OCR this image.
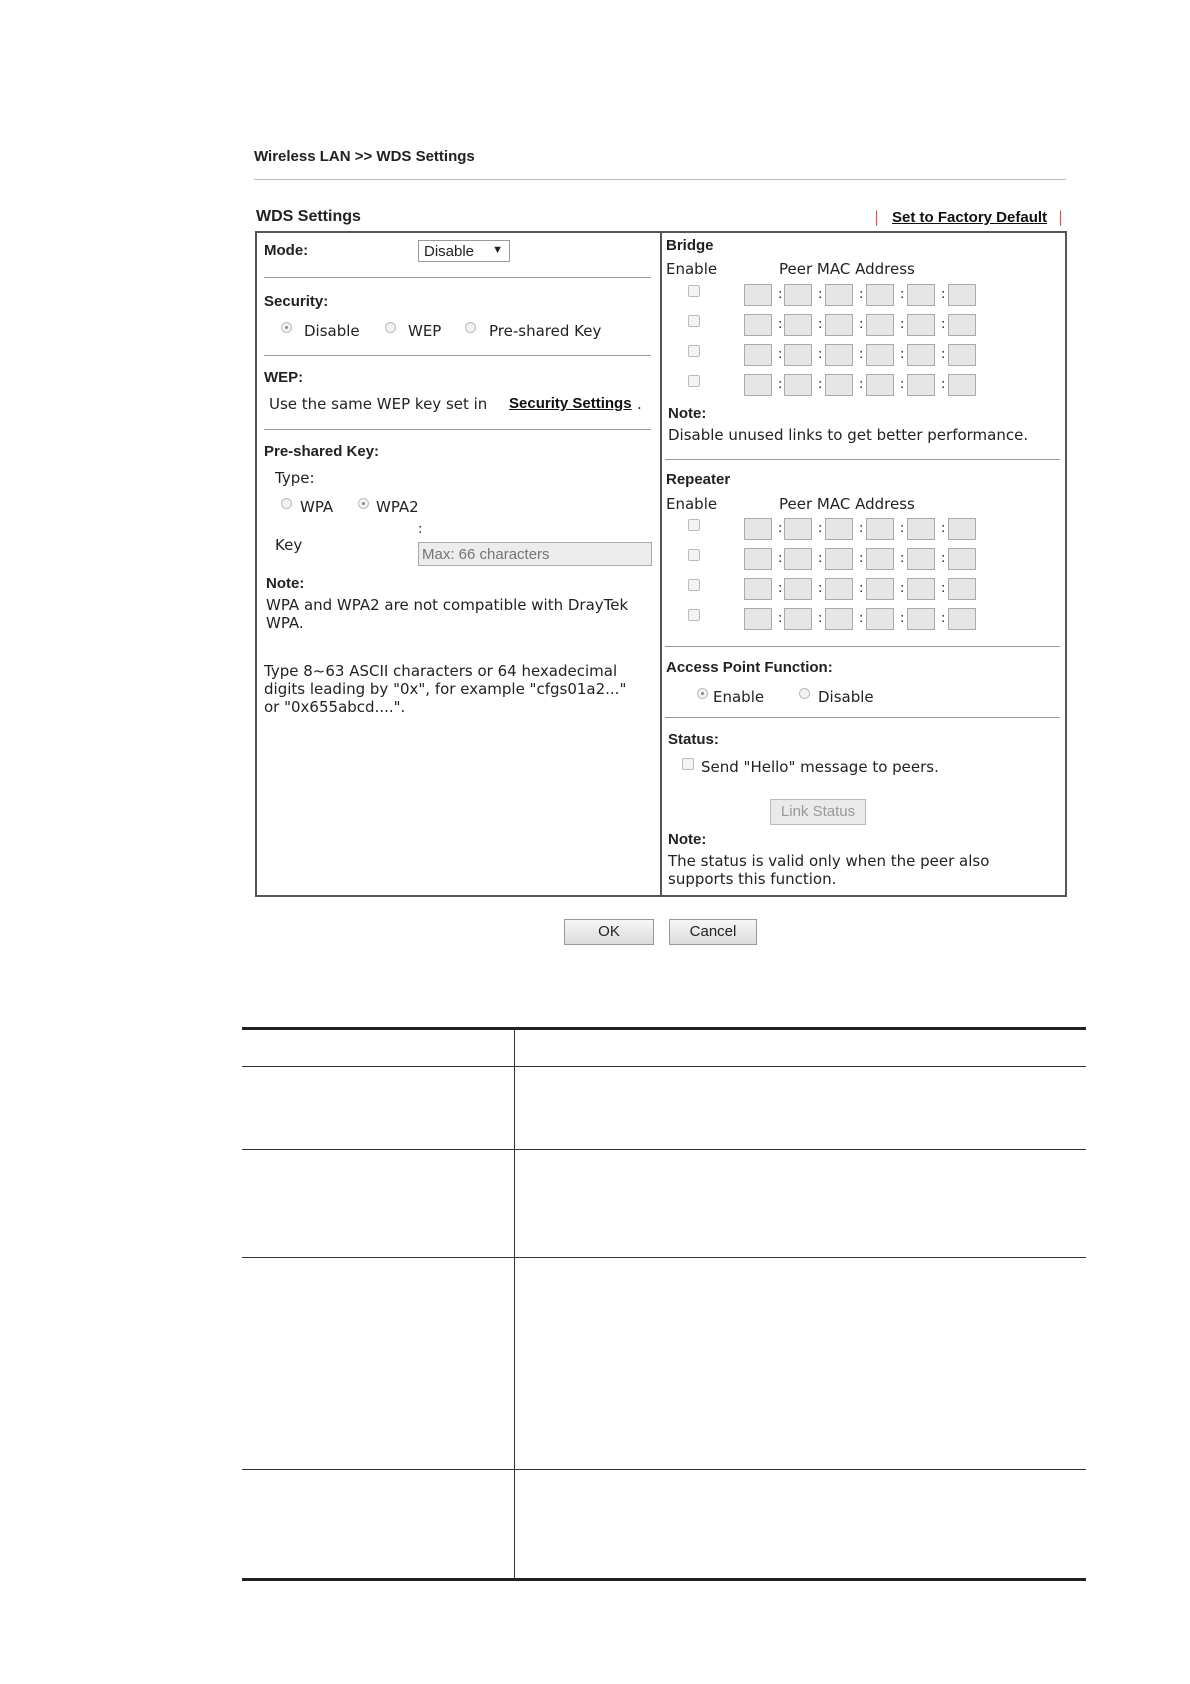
Wireless LAN >> WDS Settings
WDS Settings	| Set to Factory Default |
Mode:	Disable ▼
Security:
Disable	WEP	Pre-shared Key
WEP:
Use the same WEP key set in Security Settings .
Pre-shared Key:
Type:
WPA	WPA2
Key
:
Max: 66 characters
Note:
WPA and WPA2 are not compatible with DrayTek
WPA.
Type 8~63 ASCII characters or 64 hexadecimal
digits leading by "0x", for example "cfgs01a2..."
or "0x655abcd....".
Bridge
Enable	Peer MAC Address
:	:	:	:	:
:	:	:	:	:
:	:	:	:	:
:	:	:	:	:
Note:
Disable unused links to get better performance.
Repeater
Enable	Peer MAC Address
:	:	:	:	:
:	:	:	:	:
:	:	:	:	:
:	:	:	:	:
Access Point Function:
Enable	Disable
Status:
Send "Hello" message to peers.
Link Status
Note:
The status is valid only when the peer also
supports this function.
OK	Cancel
